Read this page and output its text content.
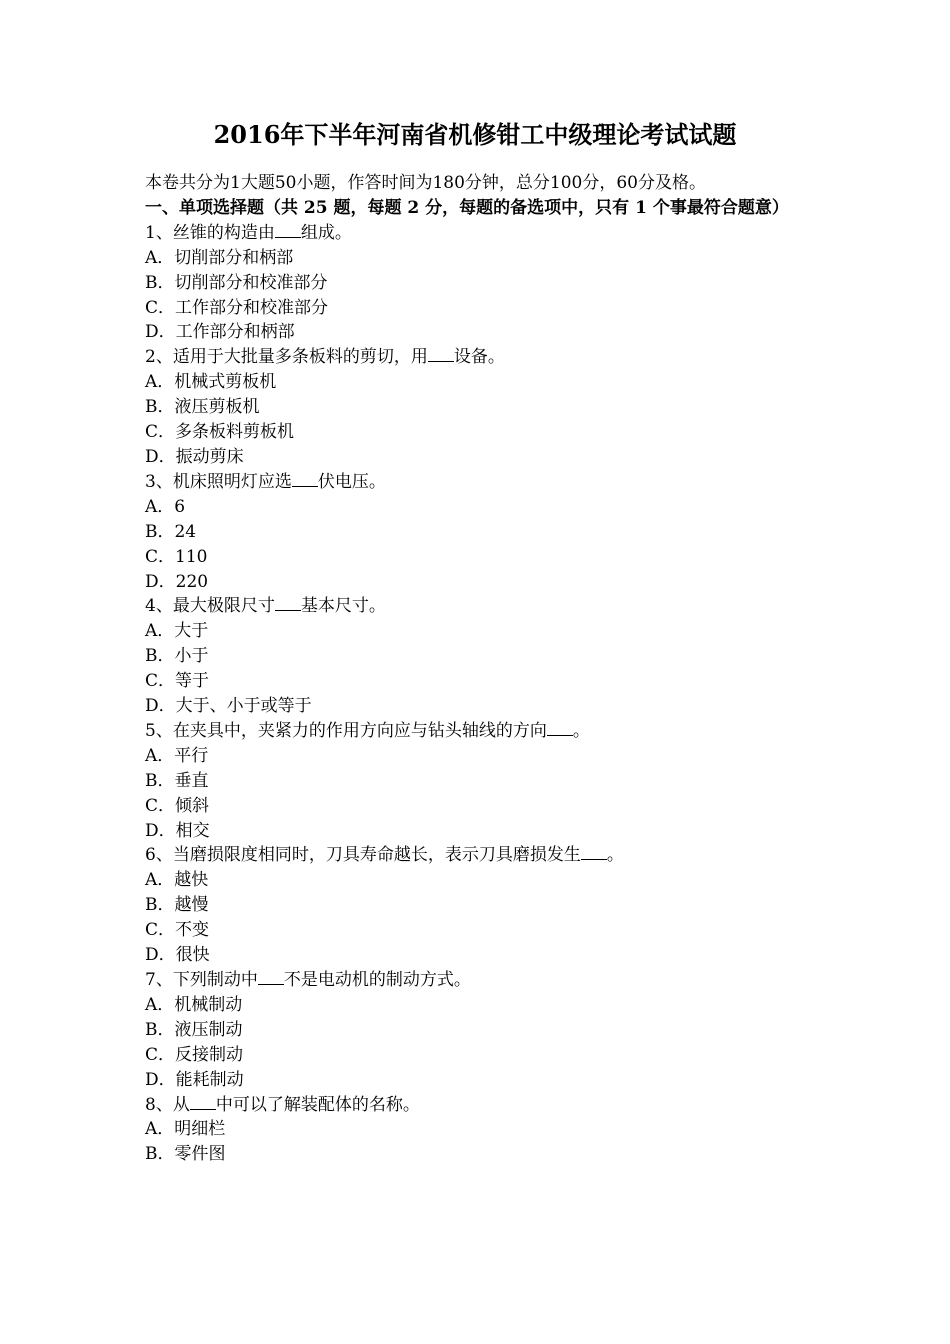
2016年下半年河南省机修钳工中级理论考试试题
本卷共分为1大题50小题，作答时间为180分钟，总分100分，60分及格。
一、单项选择题（共 25 题，每题 2 分，每题的备选项中，只有 1 个事最符合题意）
1、丝锥的构造由 组成。
A．切削部分和柄部
B．切削部分和校准部分
C．工作部分和校准部分
D．工作部分和柄部
2、适用于大批量多条板料的剪切，用 设备。
A．机械式剪板机
B．液压剪板机
C．多条板料剪板机
D．振动剪床
3、机床照明灯应选 伏电压。
A．6
B．24
C．110
D．220
4、最大极限尺寸 基本尺寸。
A．大于
B．小于
C．等于
D．大于、小于或等于
5、在夹具中，夹紧力的作用方向应与钻头轴线的方向 。
A．平行
B．垂直
C．倾斜
D．相交
6、当磨损限度相同时，刀具寿命越长，表示刀具磨损发生 。
A．越快
B．越慢
C．不变
D．很快
7、下列制动中 不是电动机的制动方式。
A．机械制动
B．液压制动
C．反接制动
D．能耗制动
8、从 中可以了解装配体的名称。
A．明细栏
B．零件图
